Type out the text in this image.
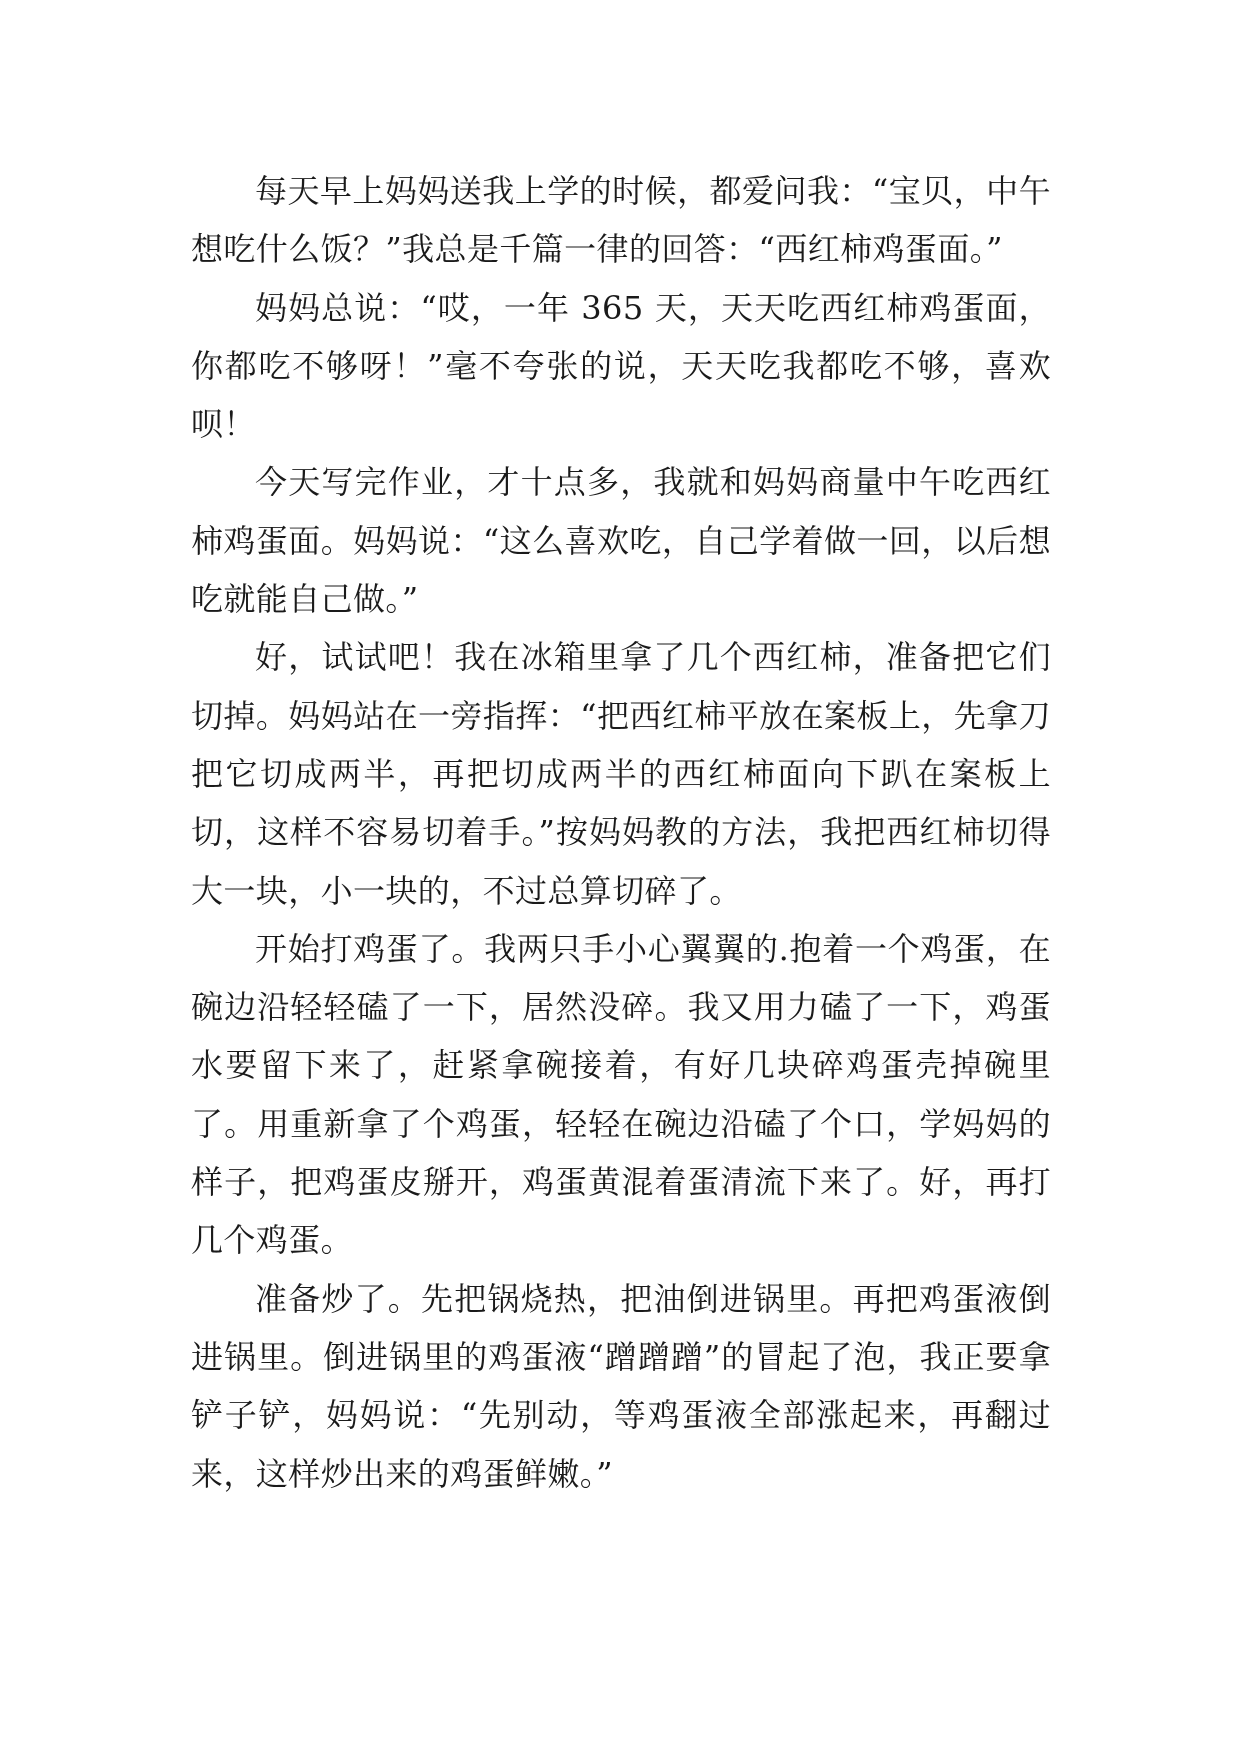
每天早上妈妈送我上学的时候，都爱问我：“宝贝，中午想吃什么饭？”我总是千篇一律的回答：“西红柿鸡蛋面。”

妈妈总说：“哎，一年 365 天，天天吃西红柿鸡蛋面，你都吃不够呀！”毫不夸张的说，天天吃我都吃不够，喜欢呗！

今天写完作业，才十点多，我就和妈妈商量中午吃西红柿鸡蛋面。妈妈说：“这么喜欢吃，自己学着做一回，以后想吃就能自己做。”

好，试试吧！我在冰箱里拿了几个西红柿，准备把它们切掉。妈妈站在一旁指挥：“把西红柿平放在案板上，先拿刀把它切成两半，再把切成两半的西红柿面向下趴在案板上切，这样不容易切着手。”按妈妈教的方法，我把西红柿切得大一块，小一块的，不过总算切碎了。

开始打鸡蛋了。我两只手小心翼翼的.抱着一个鸡蛋，在碗边沿轻轻磕了一下，居然没碎。我又用力磕了一下，鸡蛋水要留下来了，赶紧拿碗接着，有好几块碎鸡蛋壳掉碗里了。用重新拿了个鸡蛋，轻轻在碗边沿磕了个口，学妈妈的样子，把鸡蛋皮掰开，鸡蛋黄混着蛋清流下来了。好，再打几个鸡蛋。

准备炒了。先把锅烧热，把油倒进锅里。再把鸡蛋液倒进锅里。倒进锅里的鸡蛋液“蹭蹭蹭”的冒起了泡，我正要拿铲子铲，妈妈说：“先别动，等鸡蛋液全部涨起来，再翻过来，这样炒出来的鸡蛋鲜嫩。”
